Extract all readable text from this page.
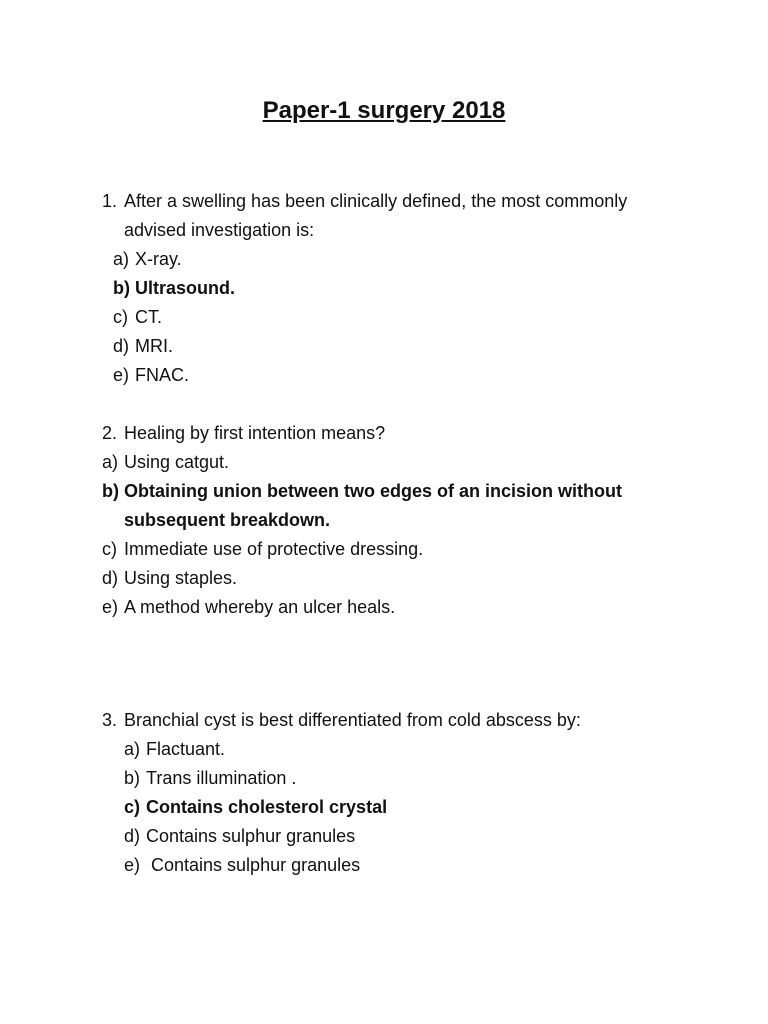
Paper-1 surgery 2018
1. After a swelling has been clinically defined, the most commonly
advised investigation is:
a) X-ray.
b) Ultrasound.
c) CT.
d) MRI.
e) FNAC.
2. Healing by first intention means?
a) Using catgut.
b) Obtaining union between two edges of an incision without
subsequent breakdown.
c) Immediate use of protective dressing.
d) Using staples.
e) A method whereby an ulcer heals.
3. Branchial cyst is best differentiated from cold abscess by:
a) Flactuant.
b) Trans illumination .
c) Contains cholesterol crystal
d) Contains sulphur granules
e) Contains sulphur granules
